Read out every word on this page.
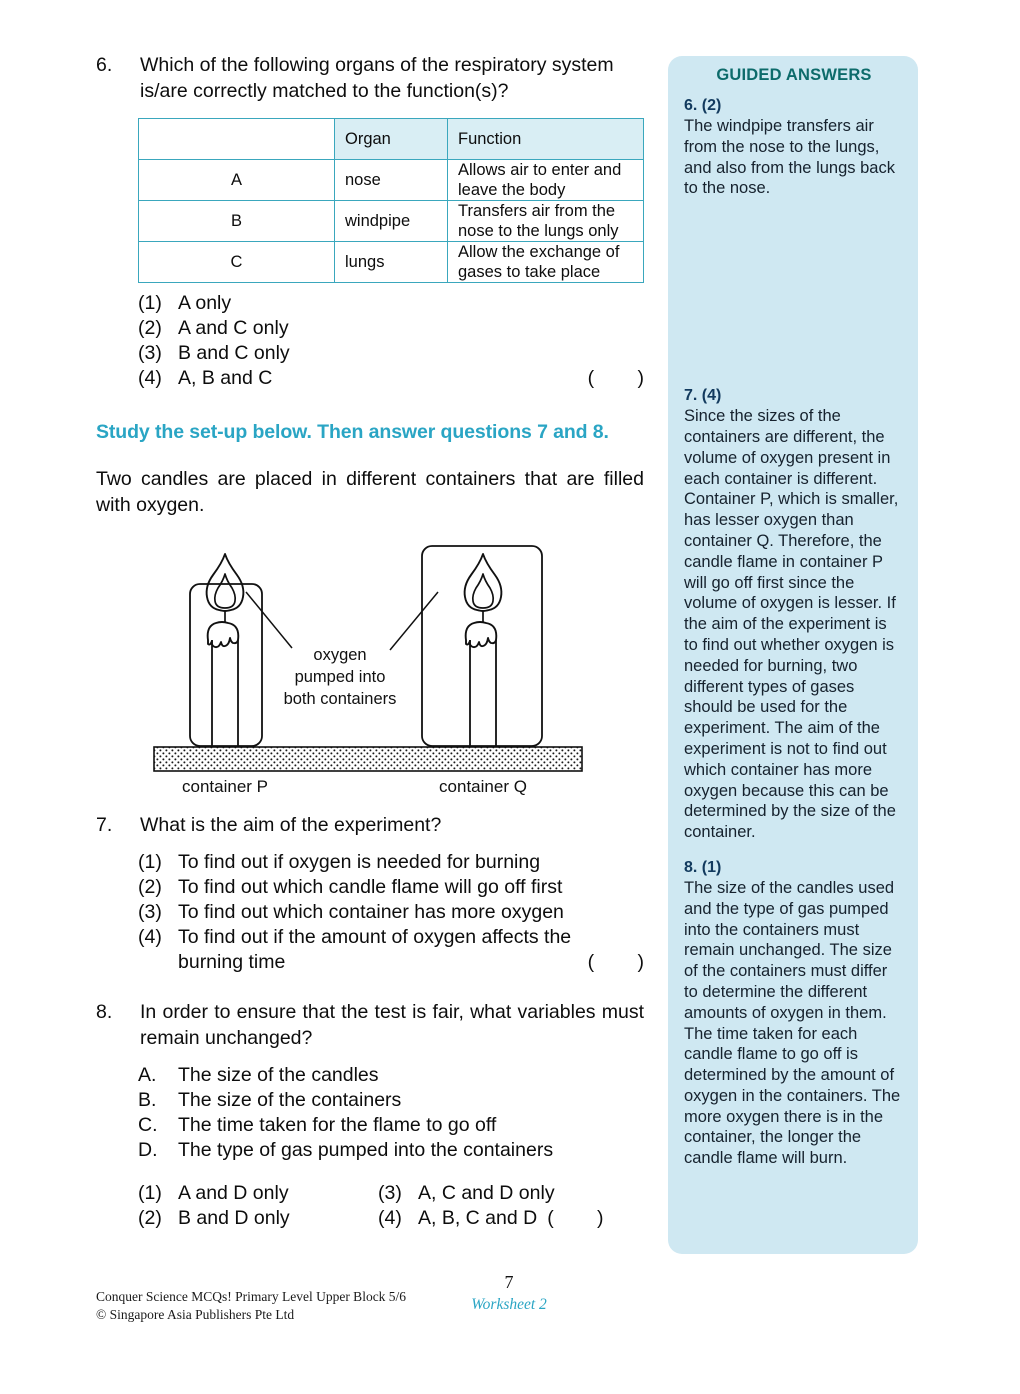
6.	Which of the following organs of the respiratory system is/are correctly matched to the function(s)?
	Organ	Function
A	nose	Allows air to enter and leave the body
B	windpipe	Transfers air from the nose to the lungs only
C	lungs	Allow the exchange of gases to take place
(1) A only
(2) A and C only
(3) B and C only
(4) A, B and C	(        )
Study the set-up below. Then answer questions 7 and 8.
Two candles are placed in different containers that are filled with oxygen.
oxygen
pumped into
both containers
container P	container Q
7.	What is the aim of the experiment?
(1) To find out if oxygen is needed for burning
(2) To find out which candle flame will go off first
(3) To find out which container has more oxygen
(4) To find out if the amount of oxygen affects the
burning time	(        )
8.	In order to ensure that the test is fair, what variables must remain unchanged?
A.	The size of the candles
B.	The size of the containers
C.	The time taken for the flame to go off
D.	The type of gas pumped into the containers
(1) A and D only	(3) A, C and D only
(2) B and D only	(4) A, B, C and D (        )
GUIDED ANSWERS
6. (2)
The windpipe transfers air from the nose to the lungs, and also from the lungs back to the nose.
7. (4)
Since the sizes of the containers are different, the volume of oxygen present in each container is different. Container P, which is smaller, has lesser oxygen than container Q. Therefore, the candle flame in container P will go off first since the volume of oxygen is lesser. If the aim of the experiment is to find out whether oxygen is needed for burning, two different types of gases should be used for the experiment. The aim of the experiment is not to find out which container has more oxygen because this can be determined by the size of the container.
8. (1)
The size of the candles used and the type of gas pumped into the containers must remain unchanged. The size of the containers must differ to determine the different amounts of oxygen in them. The time taken for each candle flame to go off is determined by the amount of oxygen in the containers. The more oxygen there is in the container, the longer the candle flame will burn.
Conquer Science MCQs! Primary Level Upper Block 5/6
© Singapore Asia Publishers Pte Ltd
7
Worksheet 2
